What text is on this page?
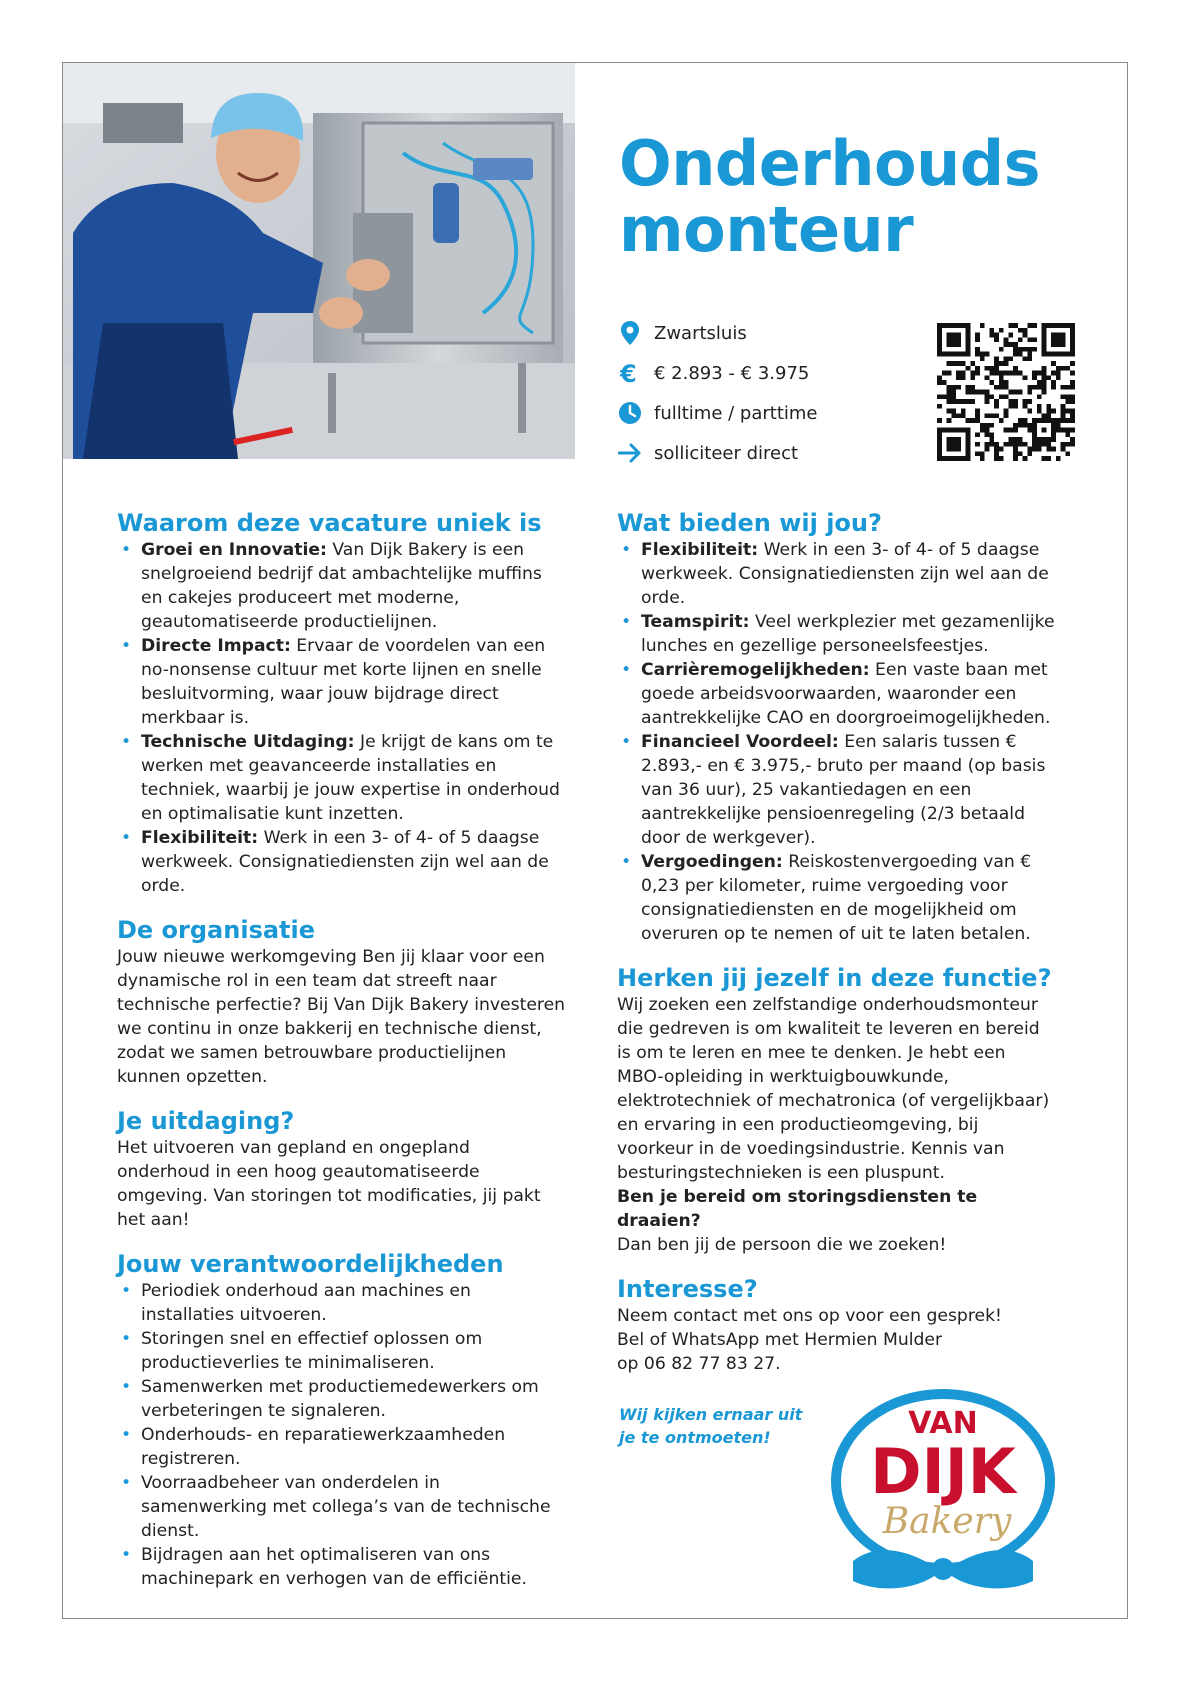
Onderhouds
monteur
Zwartsluis
€ € 2.893 - € 3.975
fulltime / parttime
solliciteer direct
Waarom deze vacature uniek is
• Groei en Innovatie: Van Dijk Bakery is een snelgroeiend bedrijf dat ambachtelijke muffins en cakejes produceert met moderne, geautomatiseerde productielijnen.
• Directe Impact: Ervaar de voordelen van een no-nonsense cultuur met korte lijnen en snelle besluitvorming, waar jouw bijdrage direct merkbaar is.
• Technische Uitdaging: Je krijgt de kans om te werken met geavanceerde installaties en techniek, waarbij je jouw expertise in onderhoud en optimalisatie kunt inzetten.
• Flexibiliteit: Werk in een 3- of 4- of 5 daagse werkweek. Consignatiediensten zijn wel aan de orde.
De organisatie

Jouw nieuwe werkomgeving Ben jij klaar voor een dynamische rol in een team dat streeft naar technische perfectie? Bij Van Dijk Bakery investeren we continu in onze bakkerij en technische dienst, zodat we samen betrouwbare productielijnen kunnen opzetten.

Je uitdaging?

Het uitvoeren van gepland en ongepland onderhoud in een hoog geautomatiseerde omgeving. Van storingen tot modificaties, jij pakt het aan!

Jouw verantwoordelijkheden
• Periodiek onderhoud aan machines en installaties uitvoeren.
• Storingen snel en effectief oplossen om productieverlies te minimaliseren.
• Samenwerken met productiemedewerkers om verbeteringen te signaleren.
• Onderhouds- en reparatiewerkzaamheden registreren.
• Voorraadbeheer van onderdelen in samenwerking met collega’s van de technische dienst.
• Bijdragen aan het optimaliseren van ons machinepark en verhogen van de efficiëntie.
Wat bieden wij jou?
• Flexibiliteit: Werk in een 3- of 4- of 5 daagse werkweek. Consignatiediensten zijn wel aan de orde.
• Teamspirit: Veel werkplezier met gezamenlijke lunches en gezellige personeelsfeestjes.
• Carrièremogelijkheden: Een vaste baan met goede arbeidsvoorwaarden, waaronder een aantrekkelijke CAO en doorgroeimogelijkheden.
• Financieel Voordeel: Een salaris tussen € 2.893,- en € 3.975,- bruto per maand (op basis van 36 uur), 25 vakantiedagen en een aantrekkelijke pensioenregeling (2/3 betaald door de werkgever).
• Vergoedingen: Reiskostenvergoeding van € 0,23 per kilometer, ruime vergoeding voor consignatiediensten en de mogelijkheid om overuren op te nemen of uit te laten betalen.
Herken jij jezelf in deze functie?

Wij zoeken een zelfstandige onderhoudsmonteur die gedreven is om kwaliteit te leveren en bereid is om te leren en mee te denken. Je hebt een MBO-opleiding in werktuigbouwkunde, elektrotechniek of mechatronica (of vergelijkbaar) en ervaring in een productieomgeving, bij voorkeur in de voedingsindustrie. Kennis van besturingstechnieken is een pluspunt.

Ben je bereid om storingsdiensten te draaien?

Dan ben jij de persoon die we zoeken!

Interesse?

Neem contact met ons op voor een gesprek!

Bel of WhatsApp met Hermien Mulder

op 06 82 77 83 27.

Wij kijken ernaar uit
je te ontmoeten!	VAN
DIJK
Bakery
